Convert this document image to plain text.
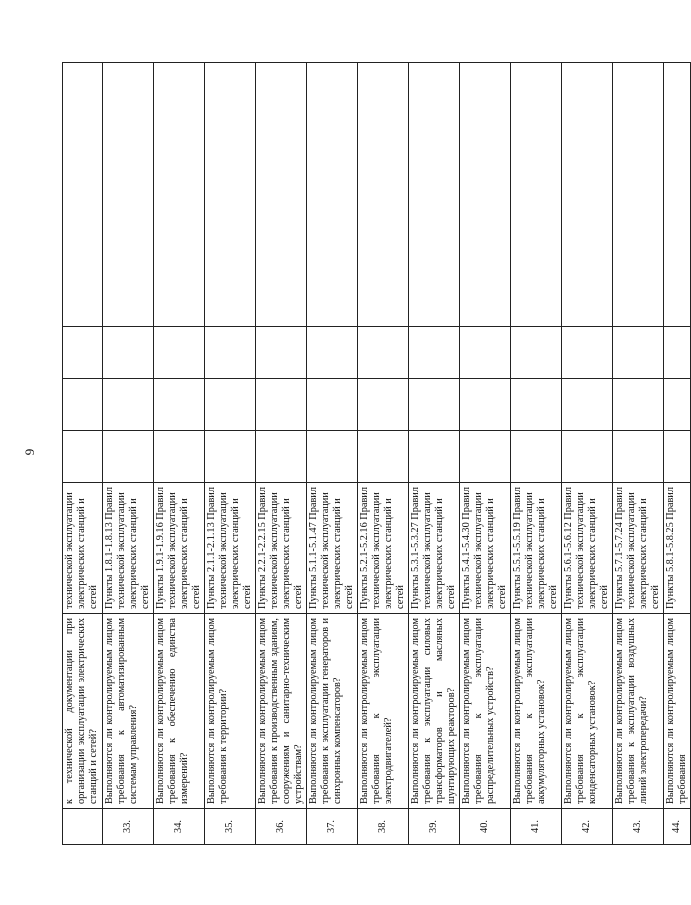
9
	к технической документации при организации эксплуатации электрических станций и сетей?	технической эксплуатации электрических станций и сетей				
33.	Выполняются ли контролируемым лицом требования к автоматизированным системам управления?	Пункты 1.8.1-1.8.13 Правил технической эксплуатации электрических станций и сетей				
34.	Выполняются ли контролируемым лицом требования к обеспечению единства измерений?	Пункты 1.9.1-1.9.16 Правил технической эксплуатации электрических станций и сетей				
35.	Выполняются ли контролируемым лицом требования к территории?	Пункты 2.1.1-2.1.13 Правил технической эксплуатации электрических станций и сетей				
36.	Выполняются ли контролируемым лицом требования к производственным зданиям, сооружениям и санитарно-техническим устройствам?	Пункты 2.2.1-2.2.15 Правил технической эксплуатации электрических станций и сетей				
37.	Выполняются ли контролируемым лицом требования к эксплуатации генераторов и синхронных компенсаторов?	Пункты 5.1.1-5.1.47 Правил технической эксплуатации электрических станций и сетей				
38.	Выполняются ли контролируемым лицом требования к эксплуатации электродвигателей?	Пункты 5.2.1-5.2.16 Правил технической эксплуатации электрических станций и сетей				
39.	Выполняются ли контролируемым лицом требования к эксплуатации силовых трансформаторов и масляных шунтирующих реакторов?	Пункты 5.3.1-5.3.27 Правил технической эксплуатации электрических станций и сетей				
40.	Выполняются ли контролируемым лицом требования к эксплуатации распределительных устройств?	Пункты 5.4.1-5.4.30 Правил технической эксплуатации электрических станций и сетей				
41.	Выполняются ли контролируемым лицом требования к эксплуатации аккумуляторных установок?	Пункты 5.5.1-5.5.19 Правил технической эксплуатации электрических станций и сетей				
42.	Выполняются ли контролируемым лицом требования к эксплуатации конденсаторных установок?	Пункты 5.6.1-5.6.12 Правил технической эксплуатации электрических станций и сетей				
43.	Выполняются ли контролируемым лицом требования к эксплуатации воздушных линий электропередачи?	Пункты 5.7.1-5.7.24 Правил технической эксплуатации электрических станций и сетей				
44.	Выполняются ли контролируемым лицом требования	Пункты 5.8.1-5.8.25 Правил				
